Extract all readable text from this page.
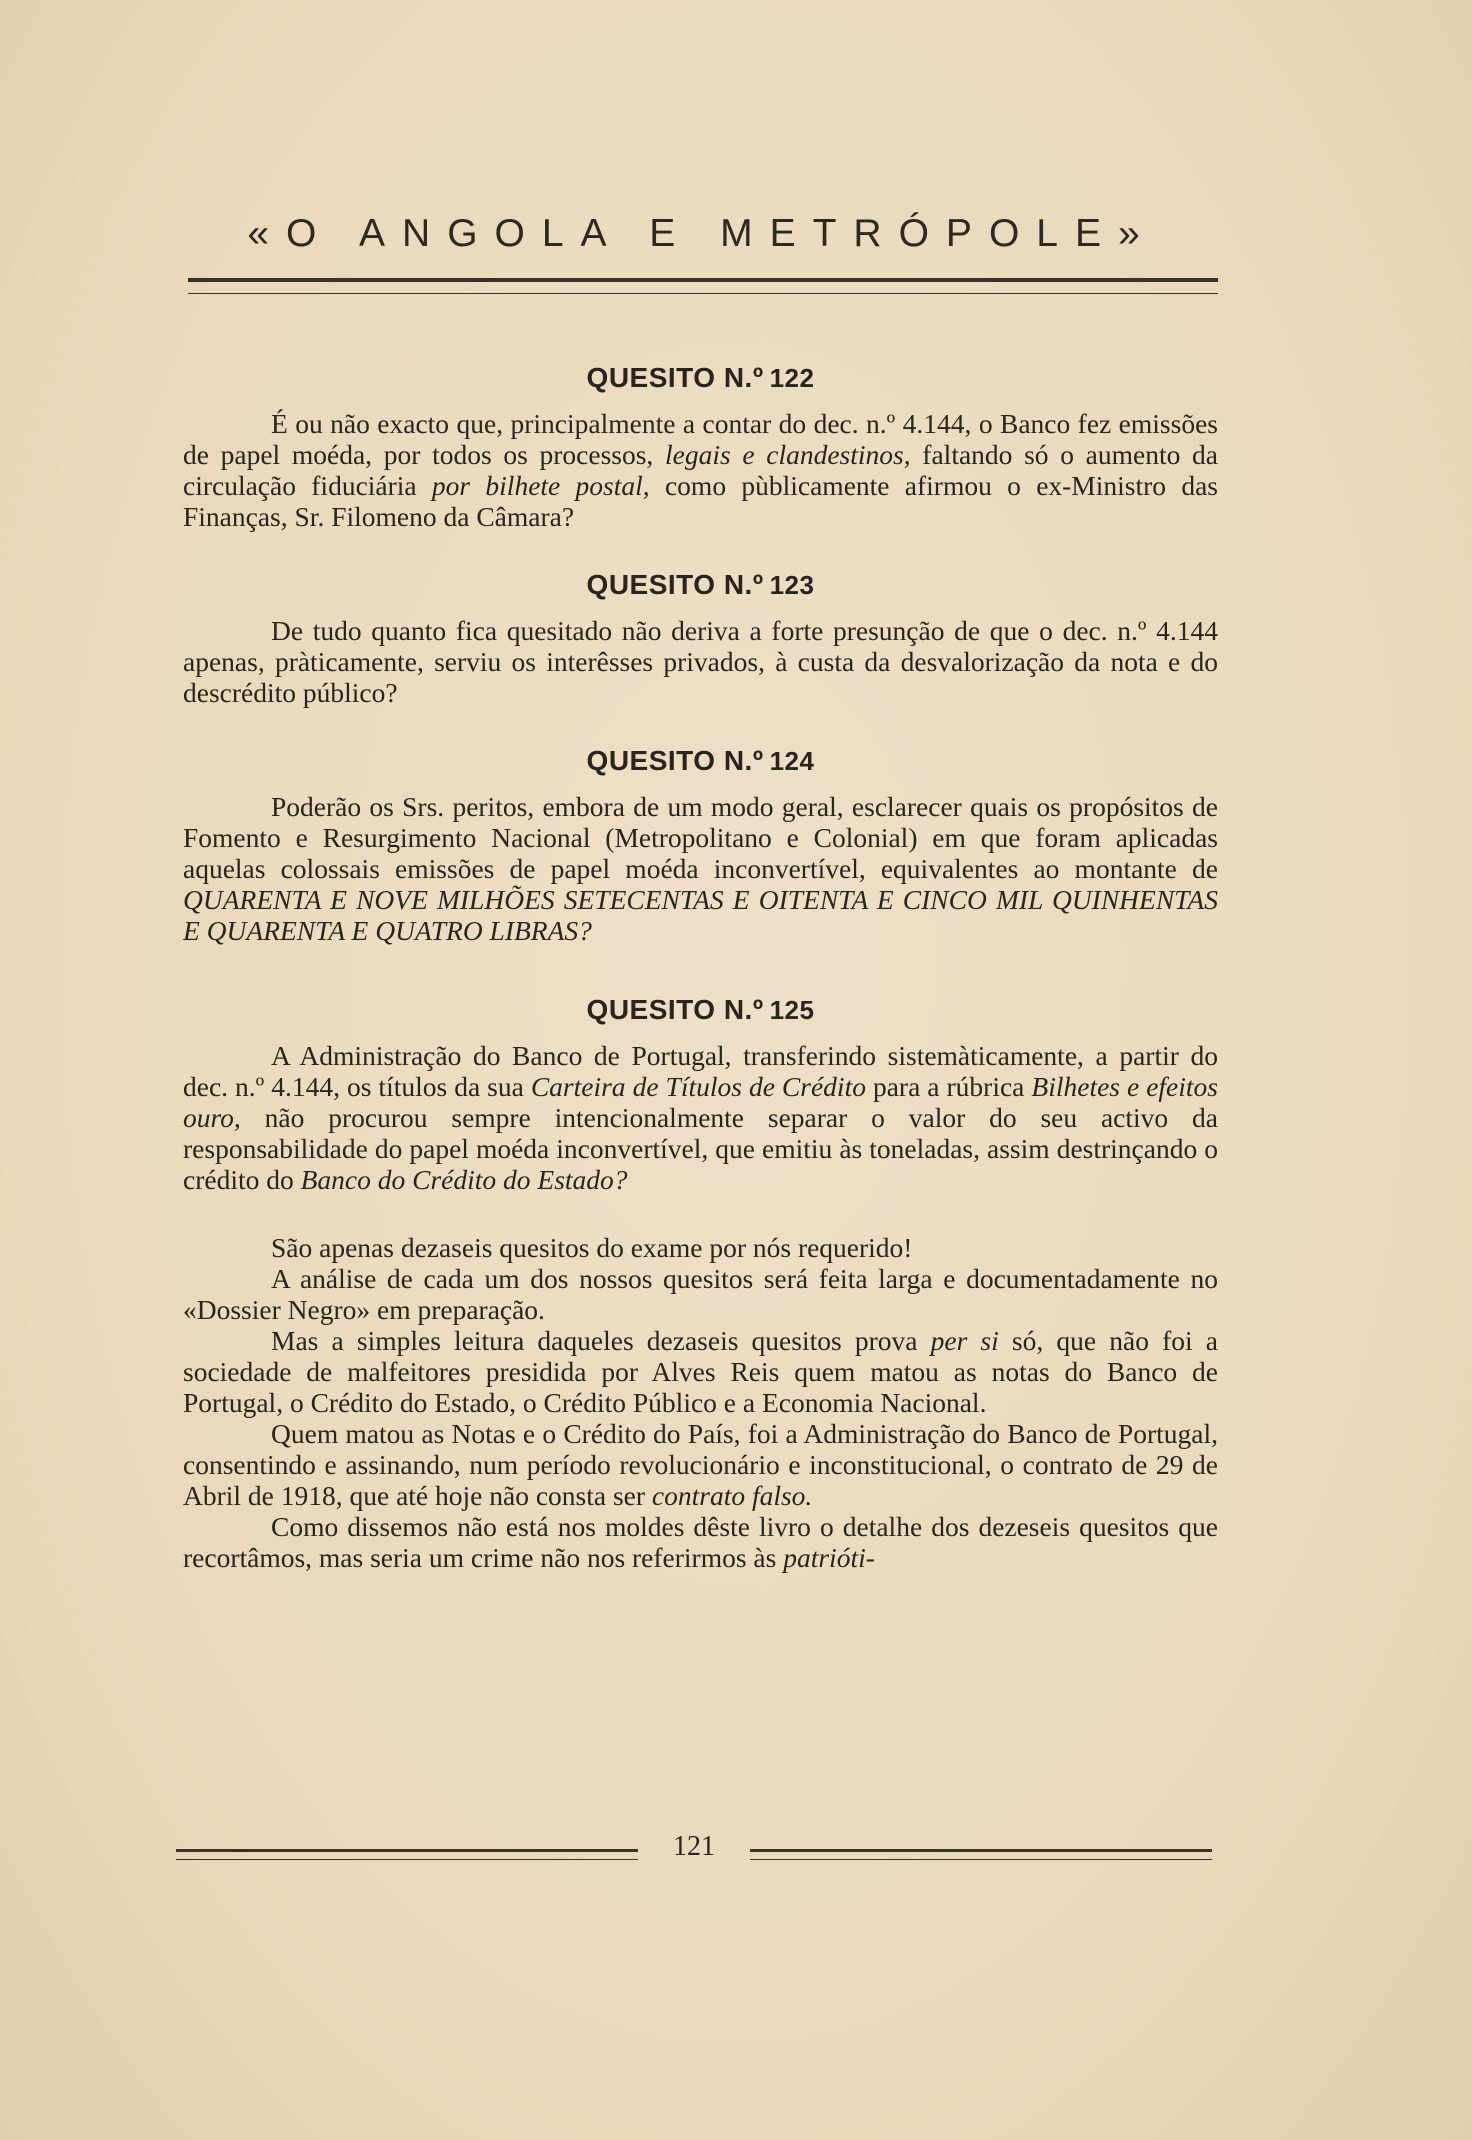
«O ANGOLA E METRÓPOLE»
QUESITO N.º 122

É ou não exacto que, principalmente a contar do dec. n.º 4.144, o Banco fez emissões de papel moéda, por todos os processos, legais e clandestinos, faltando só o aumento da circulação fiduciária por bilhete postal, como pùblicamente afirmou o ex-Ministro das Finanças, Sr. Filomeno da Câmara?

QUESITO N.º 123

De tudo quanto fica quesitado não deriva a forte presunção de que o dec. n.º 4.144 apenas, pràticamente, serviu os interêsses privados, à custa da desvalorização da nota e do descrédito público?

QUESITO N.º 124

Poderão os Srs. peritos, embora de um modo geral, esclarecer quais os propósitos de Fomento e Resurgimento Nacional (Metropolitano e Colonial) em que foram aplicadas aquelas colossais emissões de papel moéda inconvertível, equivalentes ao montante de QUARENTA E NOVE MILHÕES SETECENTAS E OITENTA E CINCO MIL QUINHENTAS E QUARENTA E QUATRO LIBRAS?

QUESITO N.º 125

A Administração do Banco de Portugal, transferindo sistemàticamente, a partir do dec. n.º 4.144, os títulos da sua Carteira de Títulos de Crédito para a rúbrica Bilhetes e efeitos ouro, não procurou sempre intencionalmente separar o valor do seu activo da responsabilidade do papel moéda inconvertível, que emitiu às toneladas, assim destrinçando o crédito do Banco do Crédito do Estado?

São apenas dezaseis quesitos do exame por nós requerido!

A análise de cada um dos nossos quesitos será feita larga e documentadamente no «Dossier Negro» em preparação.

Mas a simples leitura daqueles dezaseis quesitos prova per si só, que não foi a sociedade de malfeitores presidida por Alves Reis quem matou as notas do Banco de Portugal, o Crédito do Estado, o Crédito Público e a Economia Nacional.

Quem matou as Notas e o Crédito do País, foi a Administração do Banco de Portugal, consentindo e assinando, num período revolucionário e inconstitucional, o contrato de 29 de Abril de 1918, que até hoje não consta ser contrato falso.

Como dissemos não está nos moldes dêste livro o detalhe dos dezeseis quesitos que recortâmos, mas seria um crime não nos referirmos às patrióti-

121
